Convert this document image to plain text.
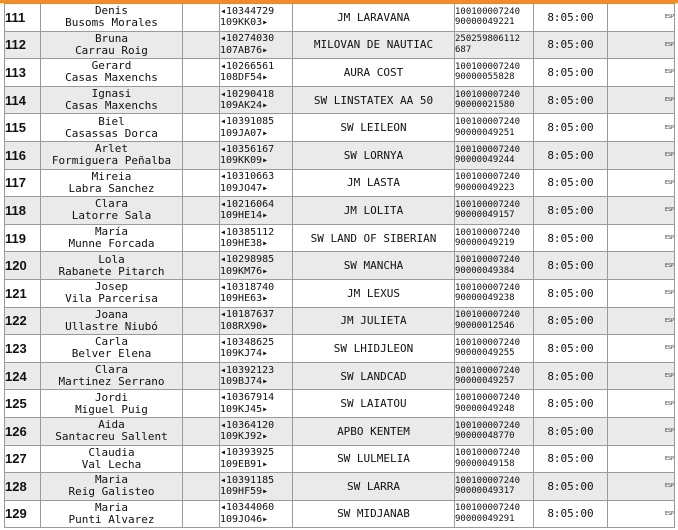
111	Denis
Busoms Morales		◂10344729
109KK03▸	JM LARAVANA	100100007240
90000049221	8:05:00	ESP
112	Bruna
Carrau Roig		◂10274030
107AB76▸	MILOVAN DE NAUTIAC	250259806112
687	8:05:00	ESP
113	Gerard
Casas Maxenchs		◂10266561
108DF54▸	AURA COST	100100007240
90000055828	8:05:00	ESP
114	Ignasi
Casas Maxenchs		◂10290418
109AK24▸	SW LINSTATEX AA 50	100100007240
90000021580	8:05:00	ESP
115	Biel
Casassas Dorca		◂10391085
109JA07▸	SW LEILEON	100100007240
90000049251	8:05:00	ESP
116	Arlet
Formiguera Peñalba		◂10356167
109KK09▸	SW LORNYA	100100007240
90000049244	8:05:00	ESP
117	Mireia
Labra Sanchez		◂10310663
109JO47▸	JM LASTA	100100007240
90000049223	8:05:00	ESP
118	Clara
Latorre Sala		◂10216064
109HE14▸	JM LOLITA	100100007240
90000049157	8:05:00	ESP
119	María
Munne Forcada		◂10385112
109HE38▸	SW LAND OF SIBERIAN	100100007240
90000049219	8:05:00	ESP
120	Lola
Rabanete Pitarch		◂10298985
109KM76▸	SW MANCHA	100100007240
90000049384	8:05:00	ESP
121	Josep
Vila Parcerisa		◂10318740
109HE63▸	JM LEXUS	100100007240
90000049238	8:05:00	ESP
122	Joana
Ullastre Niubó		◂10187637
108RX90▸	JM JULIETA	100100007240
90000012546	8:05:00	ESP
123	Carla
Belver Elena		◂10348625
109KJ74▸	SW LHIDJLEON	100100007240
90000049255	8:05:00	ESP
124	Clara
Martinez Serrano		◂10392123
109BJ74▸	SW LANDCAD	100100007240
90000049257	8:05:00	ESP
125	Jordi
Miguel Puig		◂10367914
109KJ45▸	SW LAIATOU	100100007240
90000049248	8:05:00	ESP
126	Aida
Santacreu Sallent		◂10364120
109KJ92▸	APBO KENTEM	100100007240
90000048770	8:05:00	ESP
127	Claudia
Val Lecha		◂10393925
109EB91▸	SW LULMELIA	100100007240
90000049158	8:05:00	ESP
128	Maria
Reig Galisteo		◂10391185
109HF59▸	SW LARRA	100100007240
90000049317	8:05:00	ESP
129	Maria
Punti Alvarez		◂10344060
109JO46▸	SW MIDJANAB	100100007240
90000049291	8:05:00	ESP
